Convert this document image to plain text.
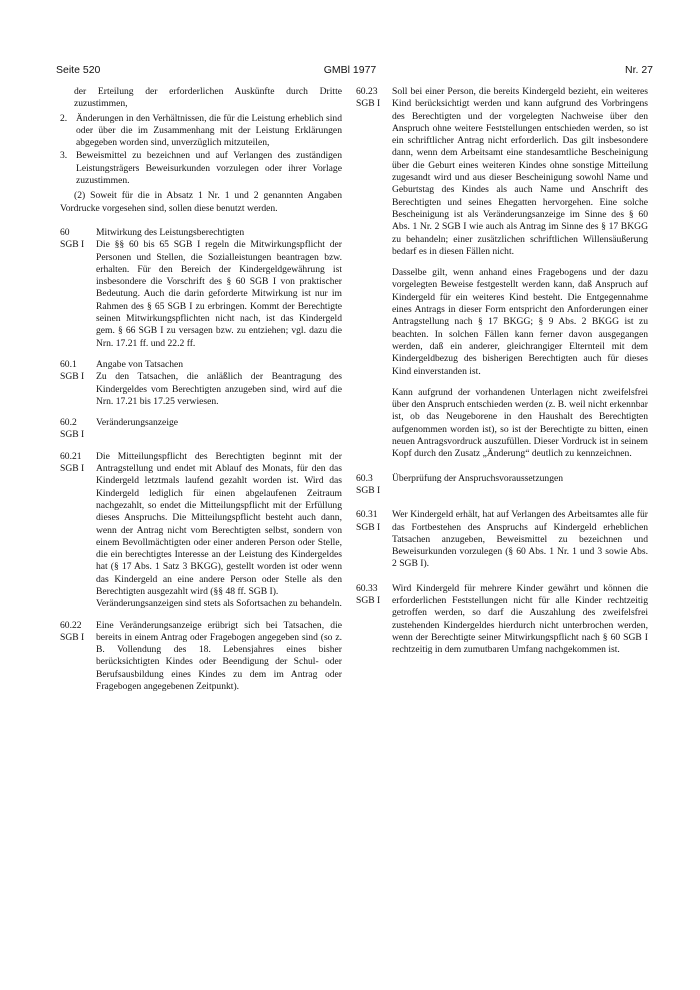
Seite 520	GMBl 1977	Nr. 27

der Erteilung der erforderlichen Auskünfte durch Dritte zuzustimmen,

2. Änderungen in den Verhältnissen, die für die Leistung erheblich sind oder über die im Zusammenhang mit der Leistung Erklärungen abgegeben worden sind, unverzüglich mitzuteilen,
3. Beweismittel zu bezeichnen und auf Verlangen des zuständigen Leistungsträgers Beweisurkunden vorzulegen oder ihrer Vorlage zuzustimmen.

(2) Soweit für die in Absatz 1 Nr. 1 und 2 genannten Angaben Vordrucke vorgesehen sind, sollen diese benutzt werden.

60
SGB I

Mitwirkung des Leistungsberechtigten

Die §§ 60 bis 65 SGB I regeln die Mitwirkungspflicht der Personen und Stellen, die Sozialleistungen beantragen bzw. erhalten. Für den Bereich der Kindergeldgewährung ist insbesondere die Vorschrift des § 60 SGB I von praktischer Bedeutung. Auch die darin geforderte Mitwirkung ist nur im Rahmen des § 65 SGB I zu erbringen. Kommt der Berechtigte seinen Mitwirkungspflichten nicht nach, ist das Kindergeld gem. § 66 SGB I zu versagen bzw. zu entziehen; vgl. dazu die Nrn. 17.21 ff. und 22.2 ff.

60.1
SGB I

Angabe von Tatsachen

Zu den Tatsachen, die anläßlich der Beantragung des Kindergeldes vom Berechtigten anzugeben sind, wird auf die Nrn. 17.21 bis 17.25 verwiesen.

60.2
SGB I

Veränderungsanzeige

60.21
SGB I

Die Mitteilungspflicht des Berechtigten beginnt mit der Antragstellung und endet mit Ablauf des Monats, für den das Kindergeld letztmals laufend gezahlt worden ist. Wird das Kindergeld lediglich für einen abgelaufenen Zeitraum nachgezahlt, so endet die Mitteilungspflicht mit der Erfüllung dieses Anspruchs. Die Mitteilungspflicht besteht auch dann, wenn der Antrag nicht vom Berechtigten selbst, sondern von einem Bevollmächtigten oder einer anderen Person oder Stelle, die ein berechtigtes Interesse an der Leistung des Kindergeldes hat (§ 17 Abs. 1 Satz 3 BKGG), gestellt worden ist oder wenn das Kindergeld an eine andere Person oder Stelle als den Berechtigten ausgezahlt wird (§§ 48 ff. SGB I).

Veränderungsanzeigen sind stets als Sofortsachen zu behandeln.

60.22
SGB I

Eine Veränderungsanzeige erübrigt sich bei Tatsachen, die bereits in einem Antrag oder Fragebogen angegeben sind (so z. B. Vollendung des 18. Lebensjahres eines bisher berücksichtigten Kindes oder Beendigung der Schul- oder Berufsausbildung eines Kindes zu dem im Antrag oder Fragebogen angegebenen Zeitpunkt).

60.23
SGB I

Soll bei einer Person, die bereits Kindergeld bezieht, ein weiteres Kind berücksichtigt werden und kann aufgrund des Vorbringens des Berechtigten und der vorgelegten Nachweise über den Anspruch ohne weitere Feststellungen entschieden werden, so ist ein schriftlicher Antrag nicht erforderlich. Das gilt insbesondere dann, wenn dem Arbeitsamt eine standesamtliche Bescheinigung über die Geburt eines weiteren Kindes ohne sonstige Mitteilung zugesandt wird und aus dieser Bescheinigung sowohl Name und Geburtstag des Kindes als auch Name und Anschrift des Berechtigten und seines Ehegatten hervorgehen. Eine solche Bescheinigung ist als Veränderungsanzeige im Sinne des § 60 Abs. 1 Nr. 2 SGB I wie auch als Antrag im Sinne des § 17 BKGG zu behandeln; einer zusätzlichen schriftlichen Willensäußerung bedarf es in diesen Fällen nicht.

Dasselbe gilt, wenn anhand eines Fragebogens und der dazu vorgelegten Beweise festgestellt werden kann, daß Anspruch auf Kindergeld für ein weiteres Kind besteht. Die Entgegennahme eines Antrags in dieser Form entspricht den Anforderungen einer Antragstellung nach § 17 BKGG; § 9 Abs. 2 BKGG ist zu beachten. In solchen Fällen kann ferner davon ausgegangen werden, daß ein anderer, gleichrangiger Elternteil mit dem Kindergeldbezug des bisherigen Berechtigten auch für dieses Kind einverstanden ist.

Kann aufgrund der vorhandenen Unterlagen nicht zweifelsfrei über den Anspruch entschieden werden (z. B. weil nicht erkennbar ist, ob das Neugeborene in den Haushalt des Berechtigten aufgenommen worden ist), so ist der Berechtigte zu bitten, einen neuen Antragsvordruck auszufüllen. Dieser Vordruck ist in seinem Kopf durch den Zusatz „Änderung“ deutlich zu kennzeichnen.

60.3
SGB I

Überprüfung der Anspruchsvoraussetzungen

60.31
SGB I

Wer Kindergeld erhält, hat auf Verlangen des Arbeitsamtes alle für das Fortbestehen des Anspruchs auf Kindergeld erheblichen Tatsachen anzugeben, Beweismittel zu bezeichnen und Beweisurkunden vorzulegen (§ 60 Abs. 1 Nr. 1 und 3 sowie Abs. 2 SGB I).

60.33
SGB I

Wird Kindergeld für mehrere Kinder gewährt und können die erforderlichen Feststellungen nicht für alle Kinder rechtzeitig getroffen werden, so darf die Auszahlung des zweifelsfrei zustehenden Kindergeldes hierdurch nicht unterbrochen werden, wenn der Berechtigte seiner Mitwirkungspflicht nach § 60 SGB I rechtzeitig in dem zumutbaren Umfang nachgekommen ist.
